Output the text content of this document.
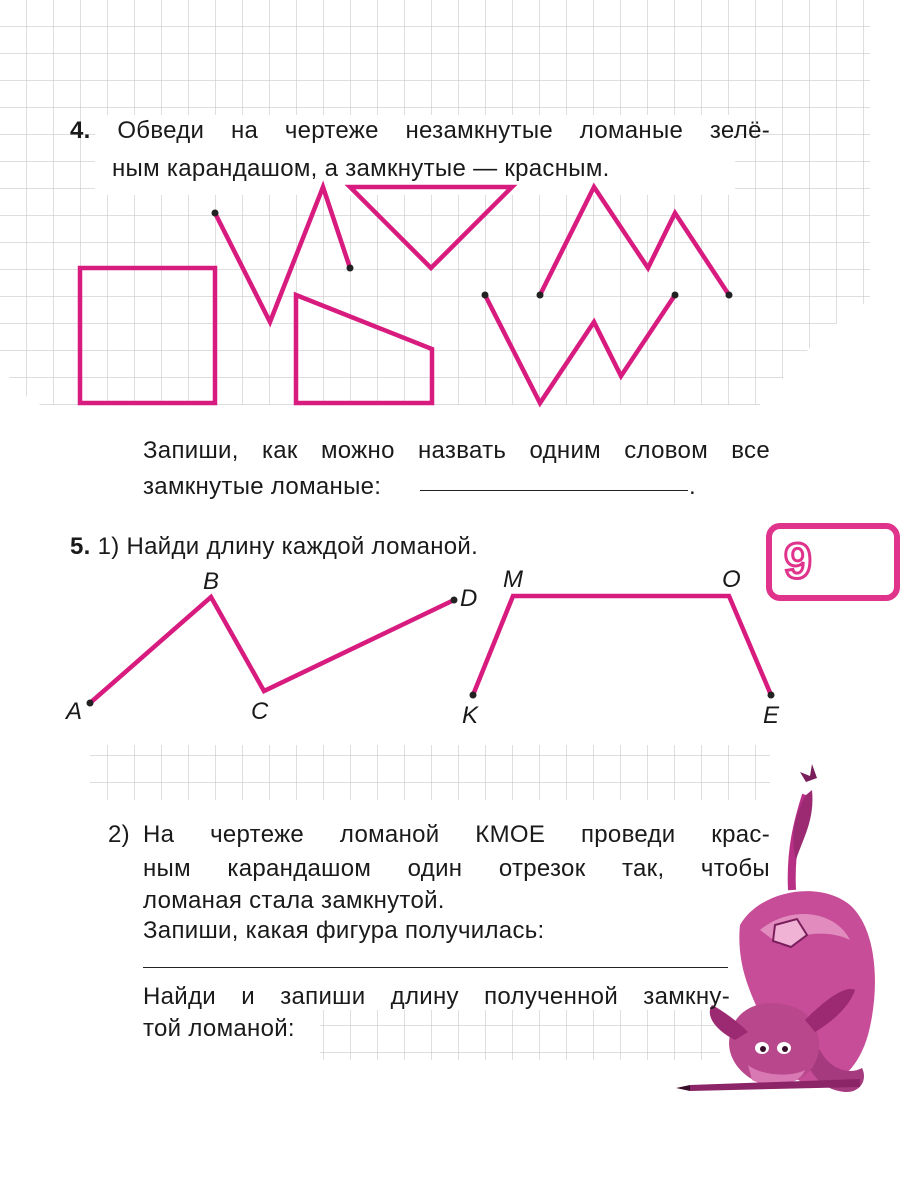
4. Обведи на чертеже незамкнутые ломаные зелё-
ным карандашом, а замкнутые — красным.
Запиши, как можно назвать одним словом все
замкнутые ломаные:	.
5. 1) Найди длину каждой ломаной.	9
A
B
C
D
M	O
K	E
2) На чертеже ломаной КМОЕ проведи крас-
ным карандашом один отрезок так, чтобы
ломаная стала замкнутой.
Запиши, какая фигура получилась:
Найди и запиши длину полученной замкну-
той ломаной:
